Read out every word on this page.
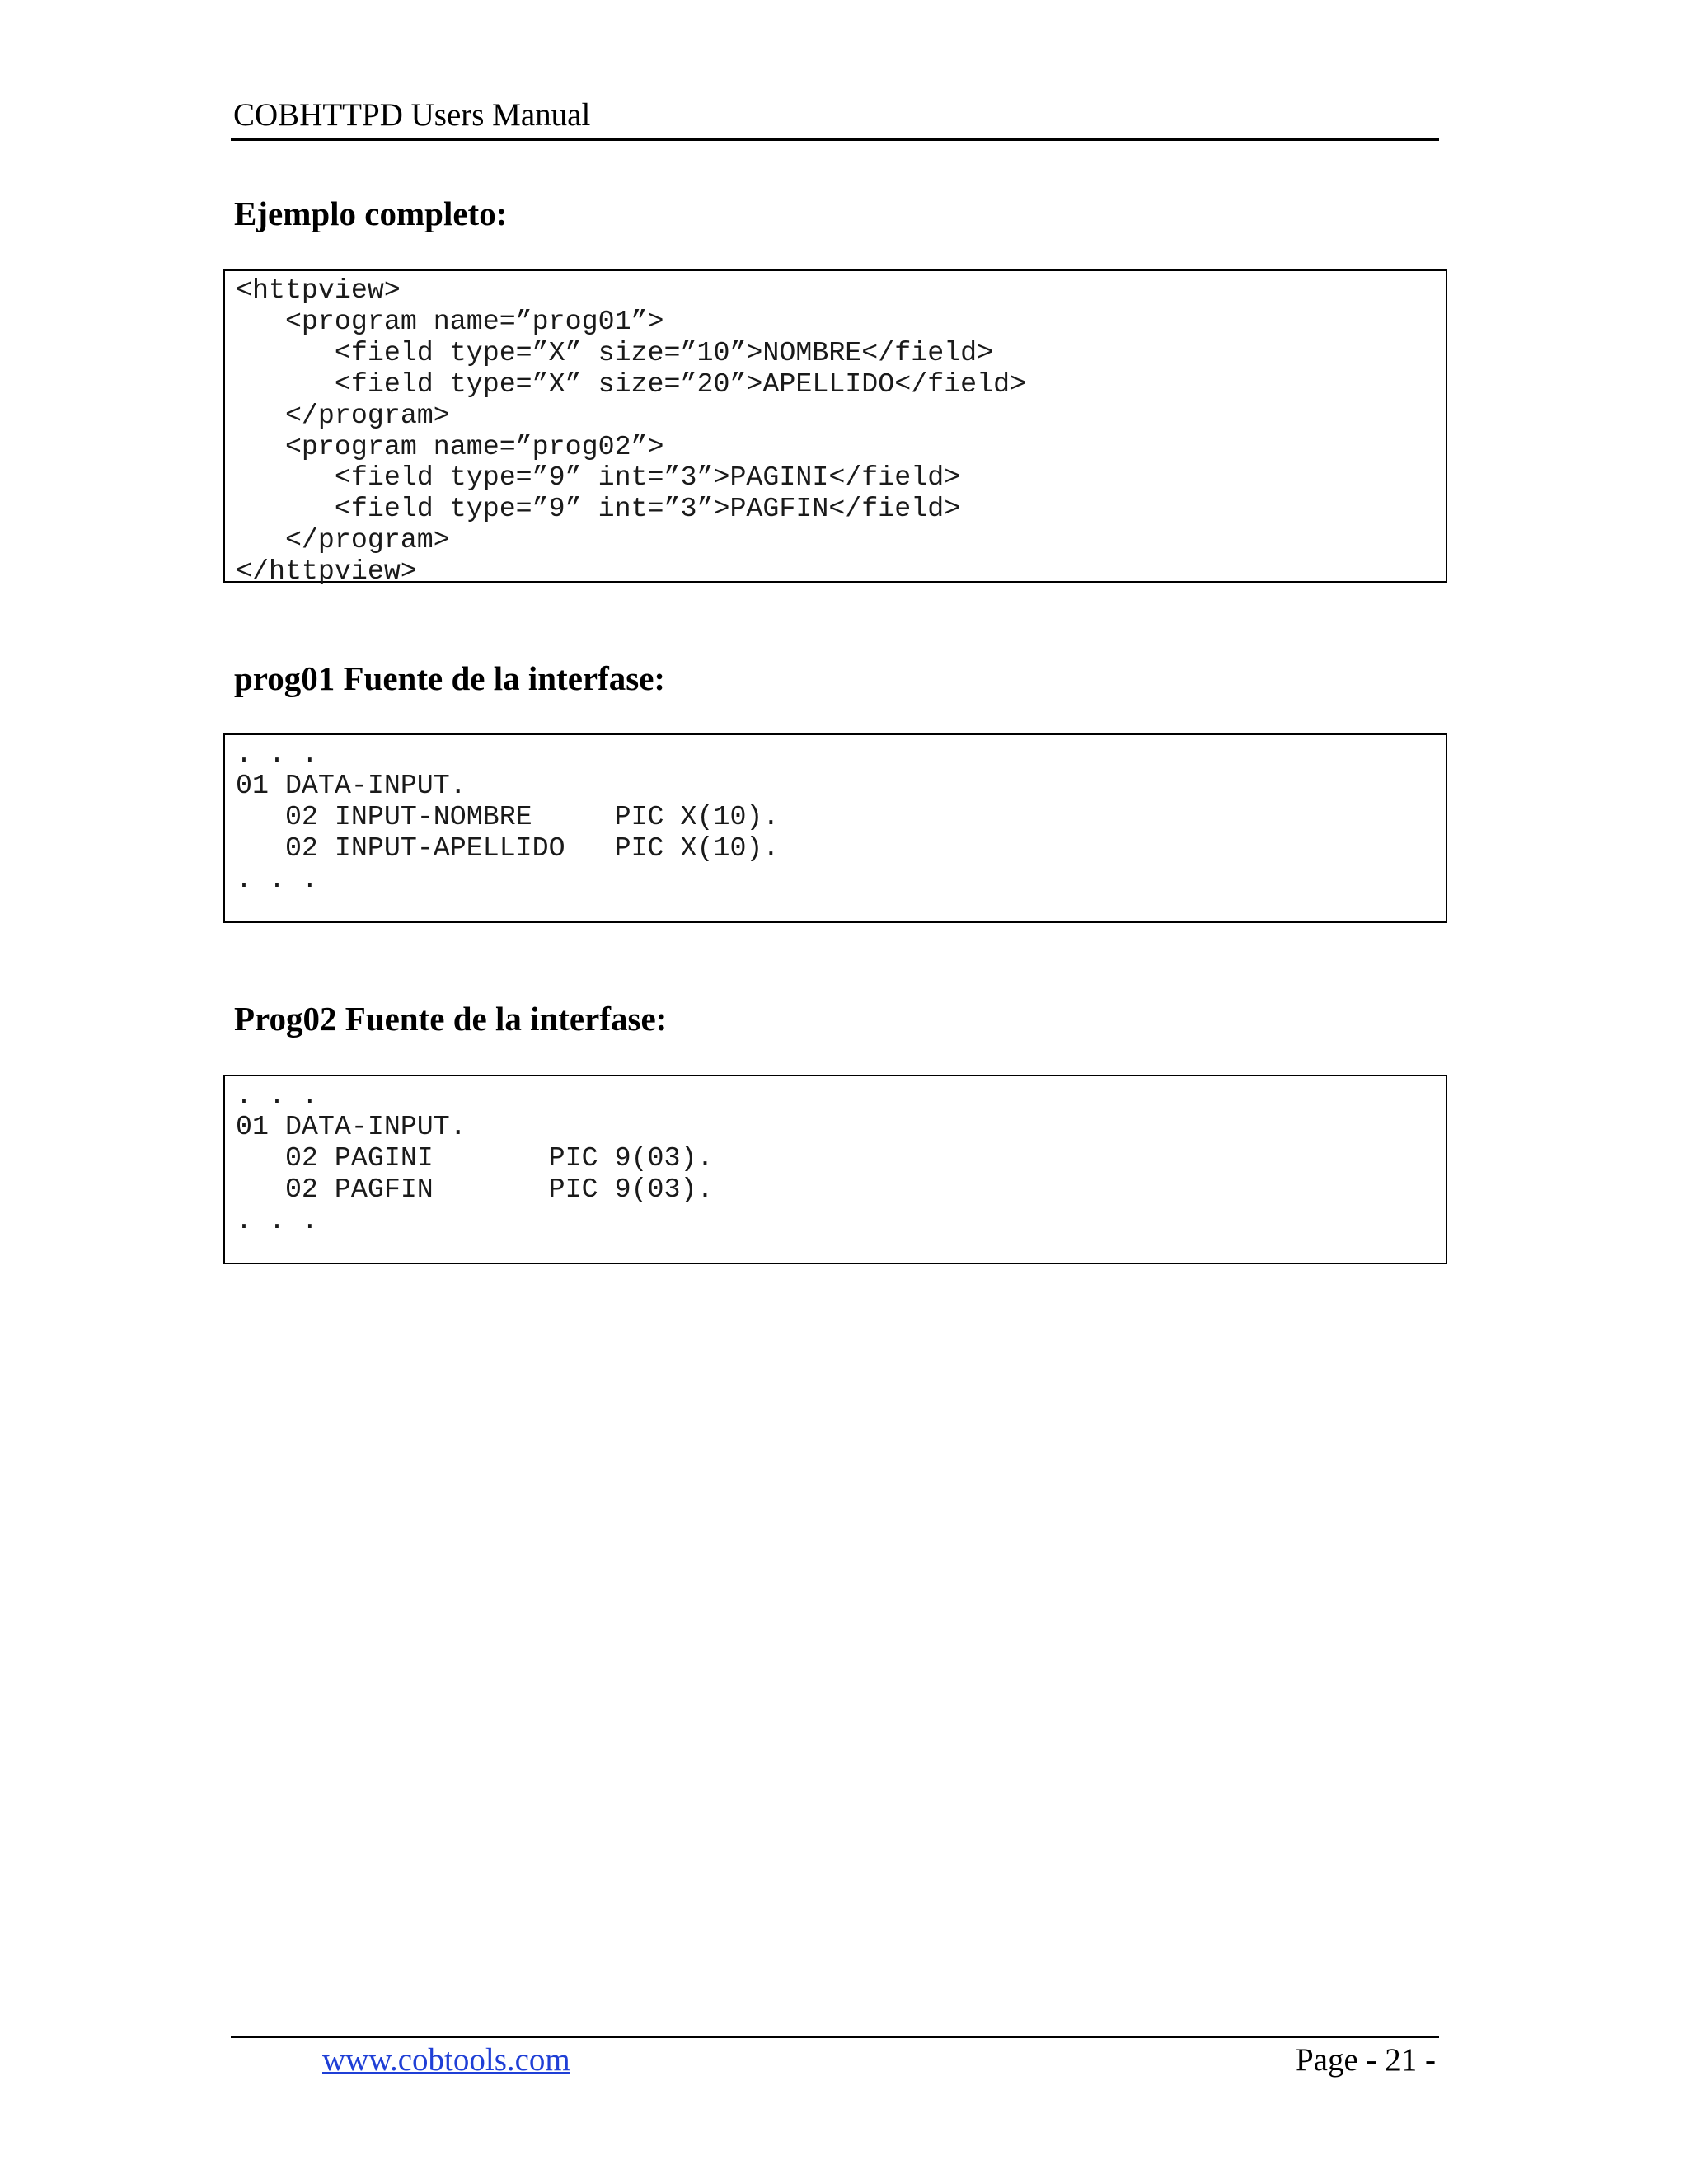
COBHTTPD Users Manual
Ejemplo completo:
<httpview>
<program name=”prog01”>
<field type=”X” size=”10”>NOMBRE</field>
<field type=”X” size=”20”>APELLIDO</field>
</program>
<program name=”prog02”>
<field type=”9” int=”3”>PAGINI</field>
<field type=”9” int=”3”>PAGFIN</field>
</program>
</httpview>
prog01 Fuente de la interfase:
. . .
01 DATA-INPUT.
02 INPUT-NOMBRE     PIC X(10).
02 INPUT-APELLIDO   PIC X(10).
. . .
Prog02 Fuente de la interfase:
. . .
01 DATA-INPUT.
02 PAGINI       PIC 9(03).
02 PAGFIN       PIC 9(03).
. . .
www.cobtools.com	Page - 21 -
